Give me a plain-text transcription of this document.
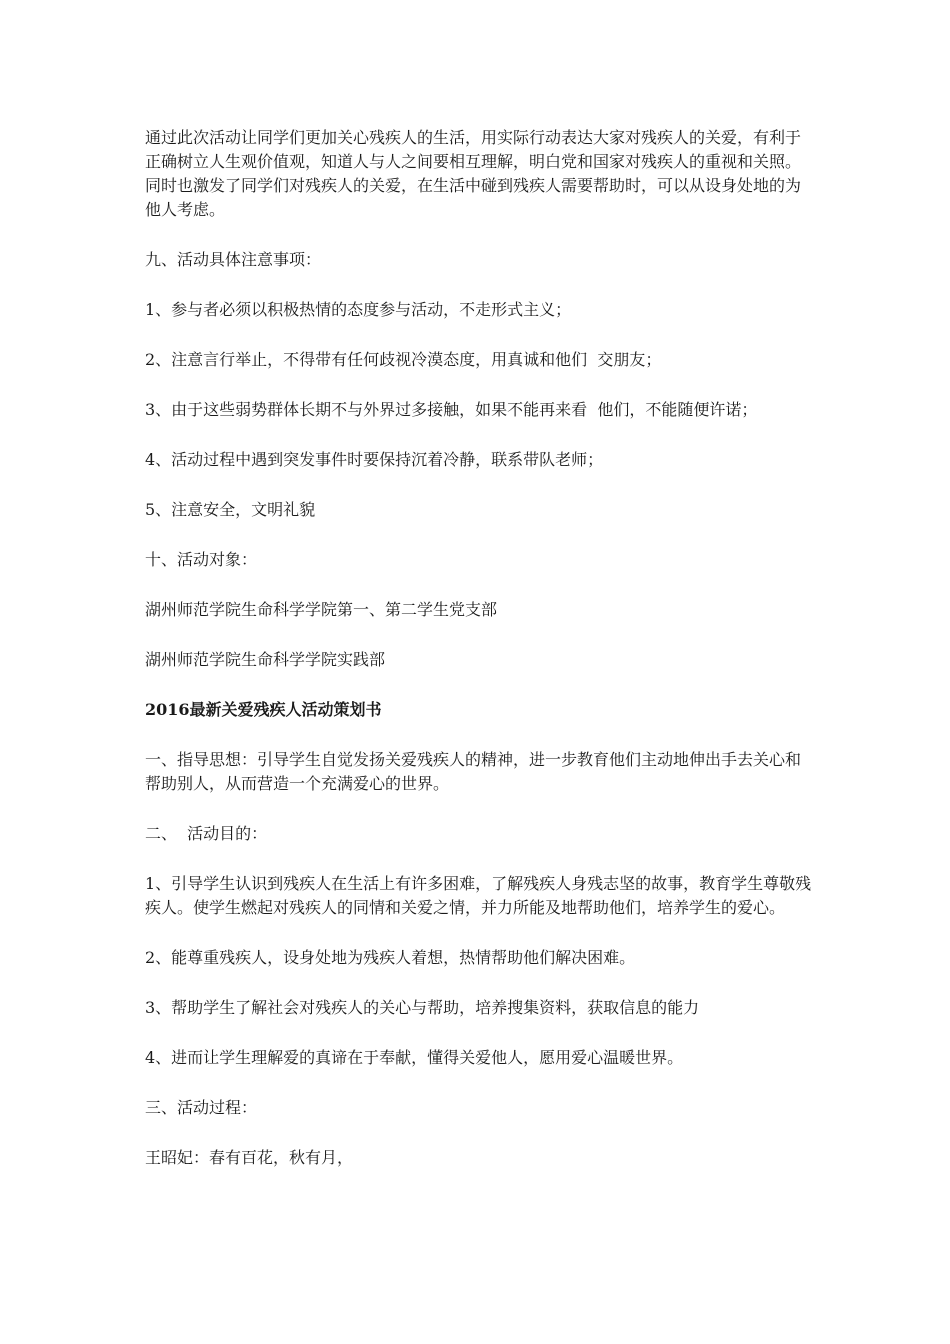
通过此次活动让同学们更加关心残疾人的生活，用实际行动表达大家对残疾人的关爱，有利于正确树立人生观价值观，知道人与人之间要相互理解，明白党和国家对残疾人的重视和关照。同时也激发了同学们对残疾人的关爱，在生活中碰到残疾人需要帮助时，可以从设身处地的为他人考虑。

九、活动具体注意事项：

1、参与者必须以积极热情的态度参与活动，不走形式主义；

2、注意言行举止，不得带有任何歧视冷漠态度，用真诚和他们  交朋友；

3、由于这些弱势群体长期不与外界过多接触，如果不能再来看  他们，不能随便许诺；

4、活动过程中遇到突发事件时要保持沉着冷静，联系带队老师；

5、注意安全，文明礼貌

十、活动对象：

湖州师范学院生命科学学院第一、第二学生党支部

湖州师范学院生命科学学院实践部

2016最新关爱残疾人活动策划书

一、指导思想：引导学生自觉发扬关爱残疾人的精神，进一步教育他们主动地伸出手去关心和帮助别人，从而营造一个充满爱心的世界。

二、  活动目的：

1、引导学生认识到残疾人在生活上有许多困难，了解残疾人身残志坚的故事，教育学生尊敬残疾人。使学生燃起对残疾人的同情和关爱之情，并力所能及地帮助他们，培养学生的爱心。

2、能尊重残疾人，设身处地为残疾人着想，热情帮助他们解决困难。

3、帮助学生了解社会对残疾人的关心与帮助，培养搜集资料，获取信息的能力

4、进而让学生理解爱的真谛在于奉献，懂得关爱他人，愿用爱心温暖世界。

三、活动过程：

王昭妃：春有百花，秋有月，
